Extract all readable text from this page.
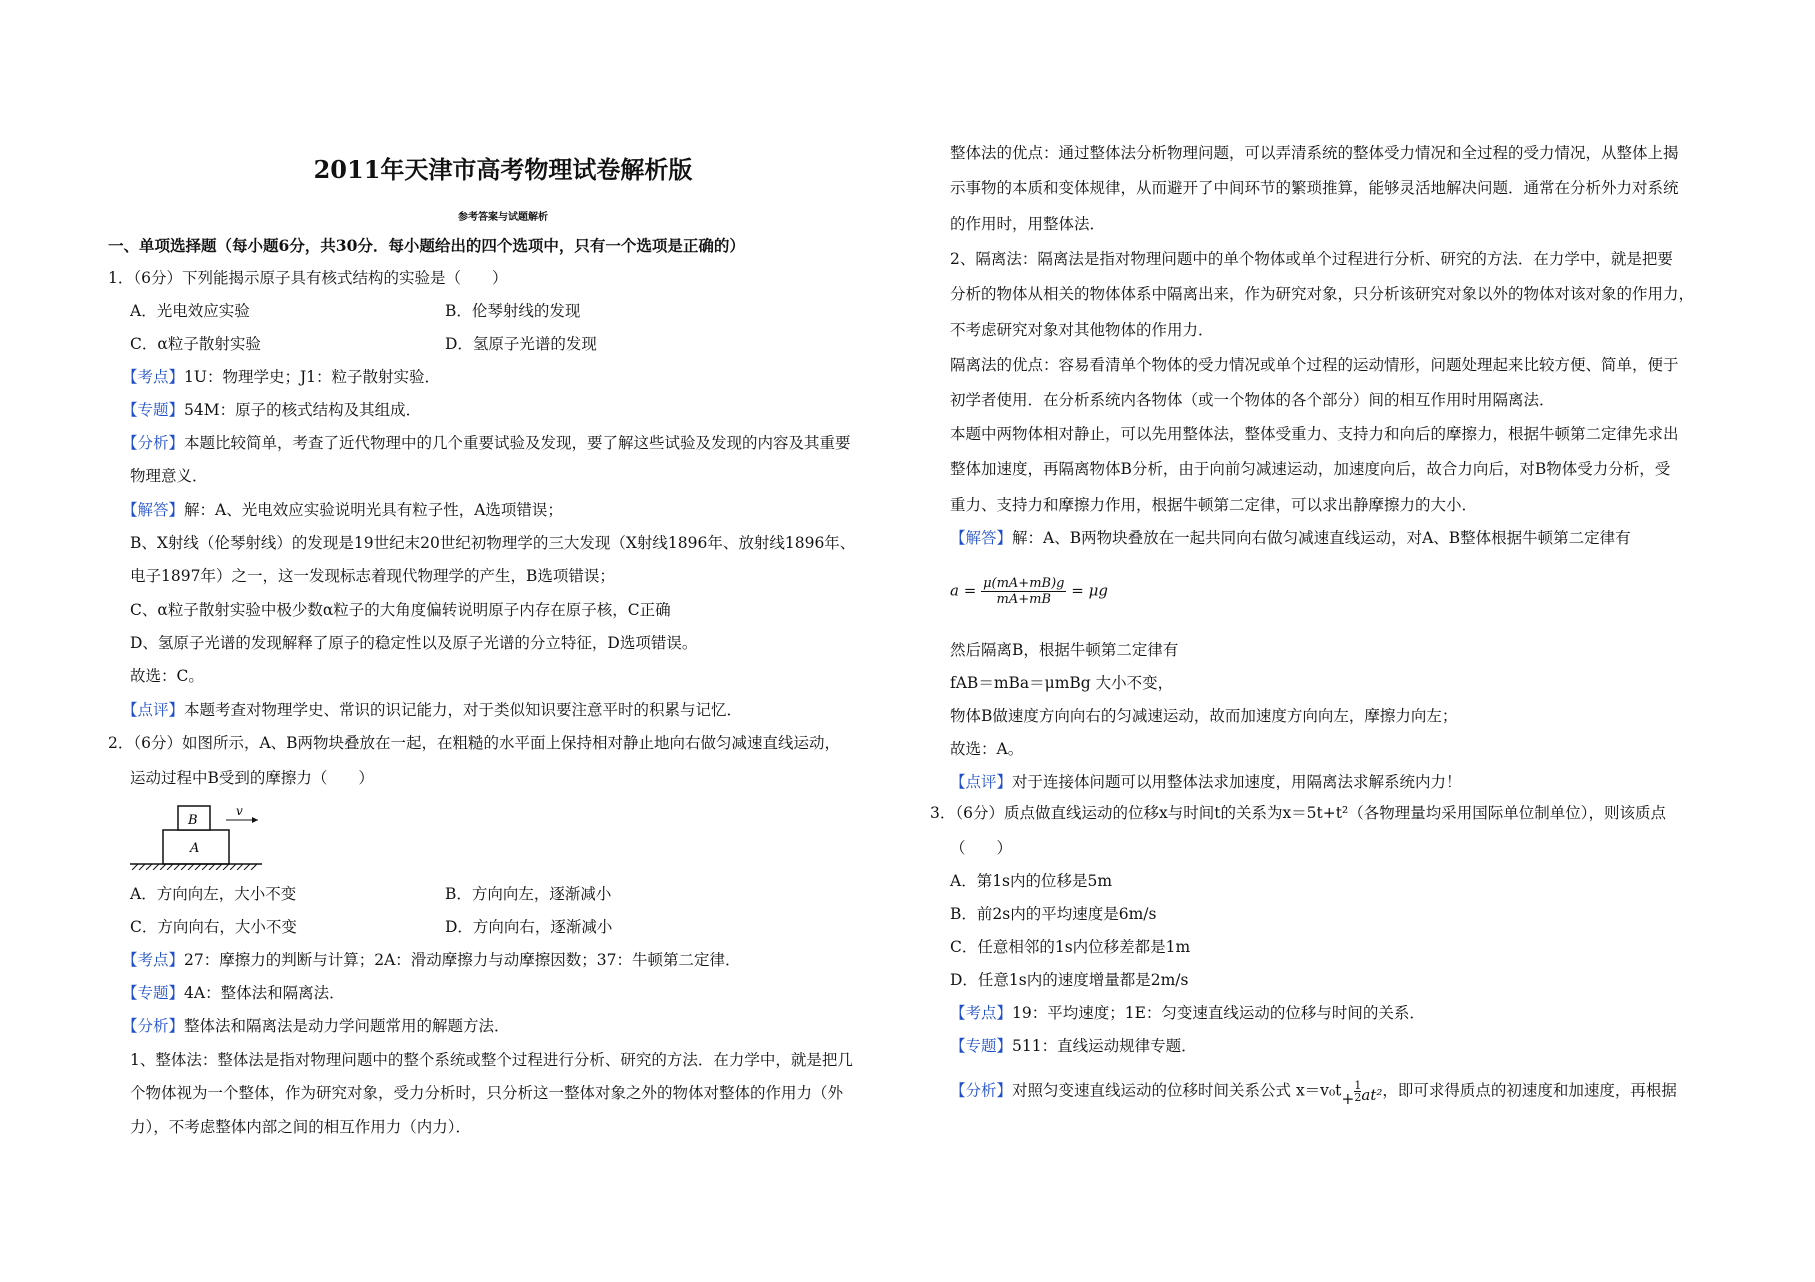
2011年天津市高考物理试卷解析版
参考答案与试题解析
一、单项选择题（每小题6分，共30分．每小题给出的四个选项中，只有一个选项是正确的）
1．（6分）下列能揭示原子具有核式结构的实验是（　　）
A．光电效应实验	B．伦琴射线的发现
C．α粒子散射实验	D．氢原子光谱的发现
【考点】1U：物理学史；J1：粒子散射实验．
【专题】54M：原子的核式结构及其组成．
【分析】本题比较简单，考查了近代物理中的几个重要试验及发现，要了解这些试验及发现的内容及其重要
物理意义．
【解答】解：A、光电效应实验说明光具有粒子性，A选项错误；
B、X射线（伦琴射线）的发现是19世纪末20世纪初物理学的三大发现（X射线1896年、放射线1896年、
电子1897年）之一，这一发现标志着现代物理学的产生，B选项错误；
C、α粒子散射实验中极少数α粒子的大角度偏转说明原子内存在原子核，C正确
D、氢原子光谱的发现解释了原子的稳定性以及原子光谱的分立特征，D选项错误。
故选：C。
【点评】本题考查对物理学史、常识的识记能力，对于类似知识要注意平时的积累与记忆．
2．（6分）如图所示，A、B两物块叠放在一起，在粗糙的水平面上保持相对静止地向右做匀减速直线运动，
运动过程中B受到的摩擦力（　　）
B
A
v
A．方向向左，大小不变	B．方向向左，逐渐减小
C．方向向右，大小不变	D．方向向右，逐渐减小
【考点】27：摩擦力的判断与计算；2A：滑动摩擦力与动摩擦因数；37：牛顿第二定律．
【专题】4A：整体法和隔离法．
【分析】整体法和隔离法是动力学问题常用的解题方法．
1、整体法：整体法是指对物理问题中的整个系统或整个过程进行分析、研究的方法．在力学中，就是把几
个物体视为一个整体，作为研究对象，受力分析时，只分析这一整体对象之外的物体对整体的作用力（外
力），不考虑整体内部之间的相互作用力（内力）．
整体法的优点：通过整体法分析物理问题，可以弄清系统的整体受力情况和全过程的受力情况，从整体上揭
示事物的本质和变体规律，从而避开了中间环节的繁琐推算，能够灵活地解决问题．通常在分析外力对系统
的作用时，用整体法．
2、隔离法：隔离法是指对物理问题中的单个物体或单个过程进行分析、研究的方法．在力学中，就是把要
分析的物体从相关的物体体系中隔离出来，作为研究对象，只分析该研究对象以外的物体对该对象的作用力，
不考虑研究对象对其他物体的作用力．
隔离法的优点：容易看清单个物体的受力情况或单个过程的运动情形，问题处理起来比较方便、简单，便于
初学者使用．在分析系统内各物体（或一个物体的各个部分）间的相互作用时用隔离法．
本题中两物体相对静止，可以先用整体法，整体受重力、支持力和向后的摩擦力，根据牛顿第二定律先求出
整体加速度，再隔离物体B分析，由于向前匀减速运动，加速度向后，故合力向后，对B物体受力分析，受
重力、支持力和摩擦力作用，根据牛顿第二定律，可以求出静摩擦力的大小．
【解答】解：A、B两物块叠放在一起共同向右做匀减速直线运动，对A、B整体根据牛顿第二定律有
$a = \frac{\mu(mA+mB)g}{mA+mB} = \mu g$
然后隔离B，根据牛顿第二定律有
fAB＝mBa＝μmBg 大小不变，
物体B做速度方向向右的匀减速运动，故而加速度方向向左，摩擦力向左；
故选：A。
【点评】对于连接体问题可以用整体法求加速度，用隔离法求解系统内力！
3．（6分）质点做直线运动的位移x与时间t的关系为x＝5t+t²（各物理量均采用国际单位制单位），则该质点
（　　）
A．第1s内的位移是5m
B．前2s内的平均速度是6m/s
C．任意相邻的1s内位移差都是1m
D．任意1s内的速度增量都是2m/s
【考点】19：平均速度；1E：匀变速直线运动的位移与时间的关系．
【专题】511：直线运动规律专题．
【分析】对照匀变速直线运动的位移时间关系公式 $x=v_0t+ \frac{1}{2} at^2$，即可求得质点的初速度和加速度，再根据
